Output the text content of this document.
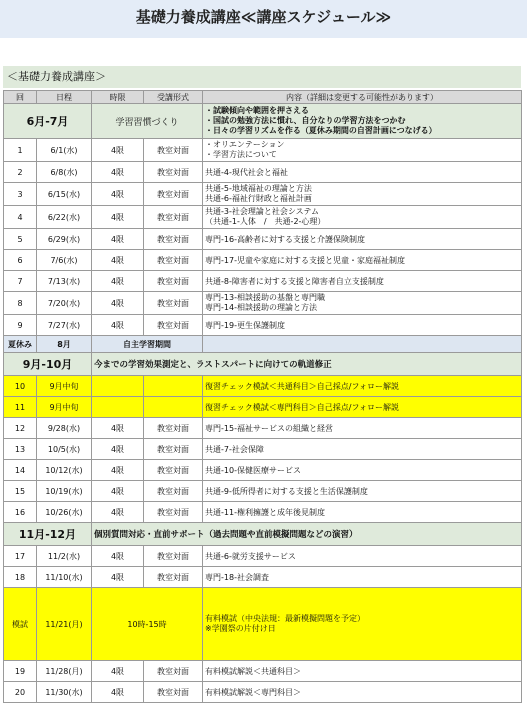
基礎力養成講座≪講座スケジュール≫
＜基礎力養成講座＞
回	日程	時限	受講形式	内容（詳細は変更する可能性があります）
6月-7月		学習習慣づくり		・試験傾向や範囲を押さえる
・国試の勉強方法に慣れ、自分なりの学習方法をつかむ
・日々の学習リズムを作る（夏休み期間の自習計画につなげる）

1	6/1(水)	4限	教室対面	・オリエンテーション
・学習方法について

2	6/8(水)	4限	教室対面	共通-4-現代社会と福祉

3	6/15(水)	4限	教室対面	共通-5-地域福祉の理論と方法
共通-6-福祉行財政と福祉計画

4	6/22(水)	4限	教室対面	共通-3-社会理論と社会システム
（共通-1-人体　/　共通-2-心理）

5	6/29(水)	4限	教室対面	専門-16-高齢者に対する支援と介護保険制度

6	7/6(水)	4限	教室対面	専門-17-児童や家庭に対する支援と児童・家庭福祉制度

7	7/13(水)	4限	教室対面	共通-8-障害者に対する支援と障害者自立支援制度

8	7/20(水)	4限	教室対面	専門-13-相談援助の基盤と専門職
専門-14-相談援助の理論と方法

9	7/27(水)	4限	教室対面	専門-19-更生保護制度

夏休み	8月	自主学習期間		
9月-10月		今までの学習効果測定と、ラストスパートに向けての軌道修正		
10	9月中旬			復習チェック模試＜共通科目＞自己採点/フォロー解説

11	9月中旬			復習チェック模試＜専門科目＞自己採点/フォロー解説

12	9/28(水)	4限	教室対面	専門-15-福祉サービスの組織と経営

13	10/5(水)	4限	教室対面	共通-7-社会保障

14	10/12(水)	4限	教室対面	共通-10-保健医療サービス

15	10/19(水)	4限	教室対面	共通-9-低所得者に対する支援と生活保護制度

16	10/26(水)	4限	教室対面	共通-11-権利擁護と成年後見制度

11月-12月		個別質問対応・直前サポート（過去問題や直前模擬問題などの演習）		
17	11/2(水)	4限	教室対面	共通-6-就労支援サービス

18	11/10(水)	4限	教室対面	専門-18-社会調査

模試	11/21(月)	10時-15時		有料模試（中央法規：最新模擬問題を予定）
※学園祭の片付け日

19	11/28(月)	4限	教室対面	有料模試解説＜共通科目＞

20	11/30(水)	4限	教室対面	有料模試解説＜専門科目＞
